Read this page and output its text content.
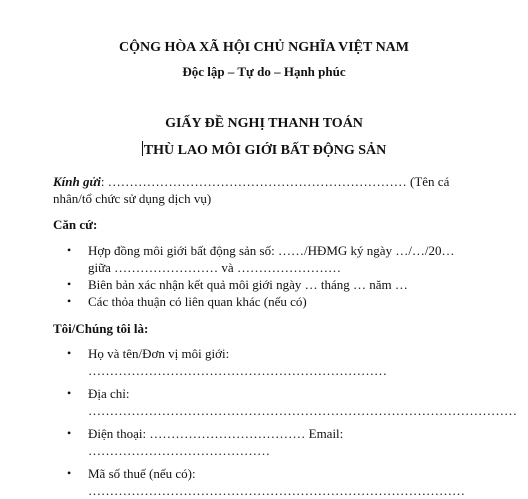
CỘNG HÒA XÃ HỘI CHỦ NGHĨA VIỆT NAM
Độc lập – Tự do – Hạnh phúc
GIẤY ĐỀ NGHỊ THANH TOÁN
THÙ LAO MÔI GIỚI BẤT ĐỘNG SẢN
Kính gửi: …………………………………………………………… (Tên cá nhân/tổ chức sử dụng dịch vụ)
Căn cứ:
• Hợp đồng môi giới bất động sản số: ……/HĐMG ký ngày …/…/20… giữa …………………… và ……………………
• Biên bản xác nhận kết quả môi giới ngày … tháng … năm …
• Các thỏa thuận có liên quan khác (nếu có)
Tôi/Chúng tôi là:
• Họ và tên/Đơn vị môi giới: ……………………………………………………………
• Địa chỉ: ………………………………………………………………………………………
• Điện thoại: ……………………………… Email: ……………………………………
• Mã số thuế (nếu có): ……………………………………………………………………………
